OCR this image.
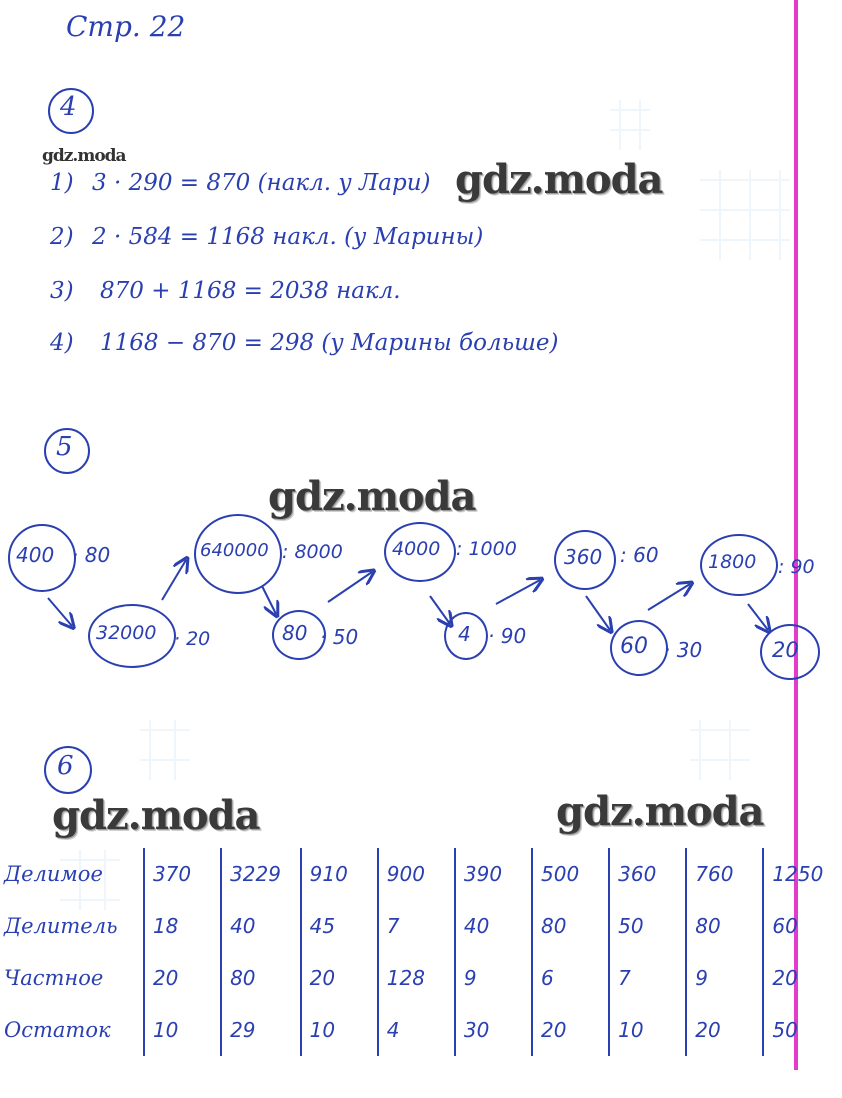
Стр. 22
gdz.moda	gdz.moda
gdz.moda
gdz.moda	gdz.moda
4
1) 3 · 290 = 870 (накл. у Лари)
2) 2 · 584 = 1168 накл. (у Марины)
3) 870 + 1168 = 2038 накл.
4) 1168 − 870 = 298 (у Марины больше)
5
400 · 80
32000 · 20
640000 : 8000
80 · 50
4000 : 1000
4 · 90
360 : 60
60 · 30
1800 : 90
20
6
Делимое	370	3229	910	900	390	500	360	760	1250
Делитель	18	40	45	7	40	80	50	80	60
Частное	20	80	20	128	9	6	7	9	20
Остаток	10	29	10	4	30	20	10	20	50
